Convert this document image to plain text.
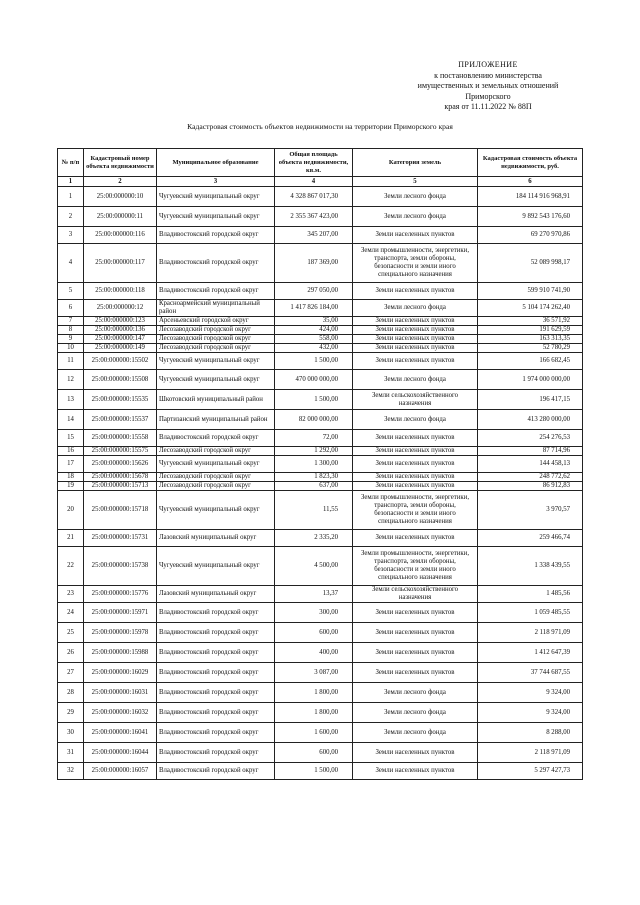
ПРИЛОЖЕНИЕ
к постановлению министерства
имущественных и земельных отношений Приморского
края от 11.11.2022 № 88П
Кадастровая стоимость объектов недвижимости на территории Приморского края
№ п/п	Кадастровый номер объекта недвижимости	Муниципальное образование	Общая площадь объекта недвижимости, кв.м.	Категория земель	Кадастровая стоимость объекта недвижимости, руб.
1	2	3	4	5	6
1	25:00:000000:10	Чугуевский муниципальный округ	4 328 867 017,30	Земли лесного фонда	184 114 916 968,91
2	25:00:000000:11	Чугуевский муниципальный округ	2 355 367 423,00	Земли лесного фонда	9 892 543 176,60
3	25:00:000000:116	Владивостокский городской округ	345 207,00	Земли населенных пунктов	69 270 970,86
4	25:00:000000:117	Владивостокский городской округ	187 369,00	Земли промышленности, энергетики, транспорта, земли обороны, безопасности и земли иного специального назначения	52 089 998,17
5	25:00:000000:118	Владивостокский городской округ	297 050,00	Земли населенных пунктов	599 910 741,90
6	25:00:000000:12	Красноармейский муниципальный район	1 417 826 184,00	Земли лесного фонда	5 104 174 262,40
7	25:00:000000:123	Арсеньевский городской округ	35,00	Земли населенных пунктов	36 571,92
8	25:00:000000:136	Лесозаводский городской округ	424,00	Земли населенных пунктов	191 629,59
9	25:00:000000:147	Лесозаводский городской округ	558,00	Земли населенных пунктов	163 313,35
10	25:00:000000:149	Лесозаводский городской округ	432,00	Земли населенных пунктов	52 780,29
11	25:00:000000:15502	Чугуевский муниципальный округ	1 500,00	Земли населенных пунктов	166 682,45
12	25:00:000000:15508	Чугуевский муниципальный округ	470 000 000,00	Земли лесного фонда	1 974 000 000,00
13	25:00:000000:15535	Шкотовский муниципальный район	1 500,00	Земли сельскохозяйственного назначения	196 417,15
14	25:00:000000:15537	Партизанский муниципальный район	82 000 000,00	Земли лесного фонда	413 280 000,00
15	25:00:000000:15558	Владивостокский городской округ	72,00	Земли населенных пунктов	254 276,53
16	25:00:000000:15575	Лесозаводский городской округ	1 292,00	Земли населенных пунктов	87 714,96
17	25:00:000000:15626	Чугуевский муниципальный округ	1 300,00	Земли населенных пунктов	144 458,13
18	25:00:000000:15678	Лесозаводский городской округ	1 823,30	Земли населенных пунктов	248 772,62
19	25:00:000000:15713	Лесозаводский городской округ	637,00	Земли населенных пунктов	86 912,83
20	25:00:000000:15718	Чугуевский муниципальный округ	11,55	Земли промышленности, энергетики, транспорта, земли обороны, безопасности и земли иного специального назначения	3 970,57
21	25:00:000000:15731	Лазовский муниципальный округ	2 335,20	Земли населенных пунктов	259 466,74
22	25:00:000000:15738	Чугуевский муниципальный округ	4 500,00	Земли промышленности, энергетики, транспорта, земли обороны, безопасности и земли иного специального назначения	1 338 439,55
23	25:00:000000:15776	Лазовский муниципальный округ	13,37	Земли сельскохозяйственного назначения	1 485,56
24	25:00:000000:15971	Владивостокский городской округ	300,00	Земли населенных пунктов	1 059 485,55
25	25:00:000000:15978	Владивостокский городской округ	600,00	Земли населенных пунктов	2 118 971,09
26	25:00:000000:15988	Владивостокский городской округ	400,00	Земли населенных пунктов	1 412 647,39
27	25:00:000000:16029	Владивостокский городской округ	3 087,00	Земли населенных пунктов	37 744 687,55
28	25:00:000000:16031	Владивостокский городской округ	1 800,00	Земли лесного фонда	9 324,00
29	25:00:000000:16032	Владивостокский городской округ	1 800,00	Земли лесного фонда	9 324,00
30	25:00:000000:16041	Владивостокский городской округ	1 600,00	Земли лесного фонда	8 288,00
31	25:00:000000:16044	Владивостокский городской округ	600,00	Земли населенных пунктов	2 118 971,09
32	25:00:000000:16057	Владивостокский городской округ	1 500,00	Земли населенных пунктов	5 297 427,73
